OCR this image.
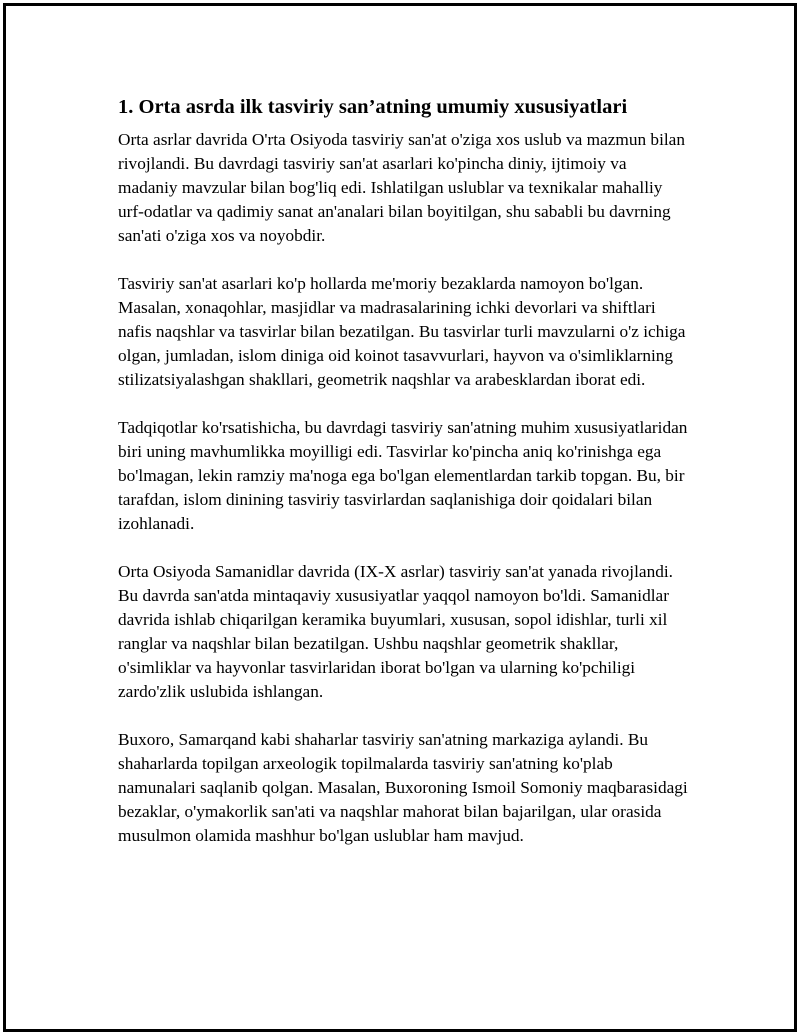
1. Orta asrda ilk tasviriy san’atning umumiy xususiyatlari

Orta asrlar davrida O'rta Osiyoda tasviriy san'at o'ziga xos uslub va mazmun bilan rivojlandi. Bu davrdagi tasviriy san'at asarlari ko'pincha diniy, ijtimoiy va madaniy mavzular bilan bog'liq edi. Ishlatilgan uslublar va texnikalar mahalliy urf-odatlar va qadimiy sanat an'analari bilan boyitilgan, shu sababli bu davrning san'ati o'ziga xos va noyobdir.

Tasviriy san'at asarlari ko'p hollarda me'moriy bezaklarda namoyon bo'lgan. Masalan, xonaqohlar, masjidlar va madrasalarining ichki devorlari va shiftlari nafis naqshlar va tasvirlar bilan bezatilgan. Bu tasvirlar turli mavzularni o'z ichiga olgan, jumladan, islom diniga oid koinot tasavvurlari, hayvon va o'simliklarning stilizatsiyalashgan shakllari, geometrik naqshlar va arabesklardan iborat edi.

Tadqiqotlar ko'rsatishicha, bu davrdagi tasviriy san'atning muhim xususiyatlaridan biri uning mavhumlikka moyilligi edi. Tasvirlar ko'pincha aniq ko'rinishga ega bo'lmagan, lekin ramziy ma'noga ega bo'lgan elementlardan tarkib topgan. Bu, bir tarafdan, islom dinining tasviriy tasvirlardan saqlanishiga doir qoidalari bilan izohlanadi.

Orta Osiyoda Samanidlar davrida (IX-X asrlar) tasviriy san'at yanada rivojlandi. Bu davrda san'atda mintaqaviy xususiyatlar yaqqol namoyon bo'ldi. Samanidlar davrida ishlab chiqarilgan keramika buyumlari, xususan, sopol idishlar, turli xil ranglar va naqshlar bilan bezatilgan. Ushbu naqshlar geometrik shakllar, o'simliklar va hayvonlar tasvirlaridan iborat bo'lgan va ularning ko'pchiligi zardo'zlik uslubida ishlangan.

Buxoro, Samarqand kabi shaharlar tasviriy san'atning markaziga aylandi. Bu shaharlarda topilgan arxeologik topilmalarda tasviriy san'atning ko'plab namunalari saqlanib qolgan. Masalan, Buxoroning Ismoil Somoniy maqbarasidagi bezaklar, o'ymakorlik san'ati va naqshlar mahorat bilan bajarilgan, ular orasida musulmon olamida mashhur bo'lgan uslublar ham mavjud.
